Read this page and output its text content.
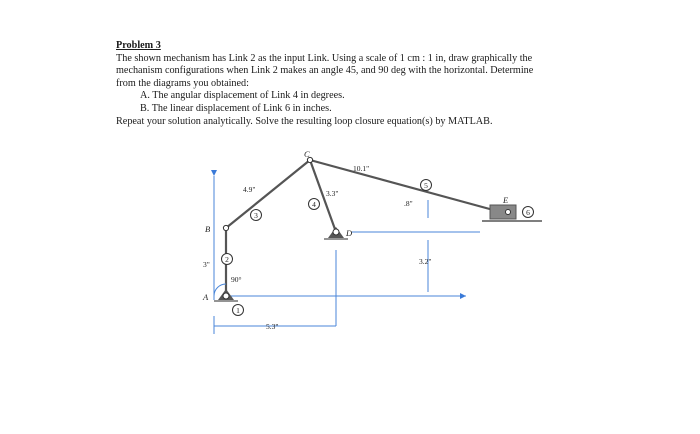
Problem 3

The shown mechanism has Link 2 as the input Link. Using a scale of 1 cm : 1 in, draw graphically the

mechanism configurations when Link 2 makes an angle 45, and 90 deg with the horizontal. Determine

from the diagrams you obtained:

A. The angular displacement of Link 4 in degrees.

B. The linear displacement of Link 6 in inches.

Repeat your solution analytically. Solve the resulting loop closure equation(s) by MATLAB.

1
2
3
4
5
6
A
B
C
D
E
4.9"	3.3"
10.1"
.8"
3.2"
3"
90°
5.3"
